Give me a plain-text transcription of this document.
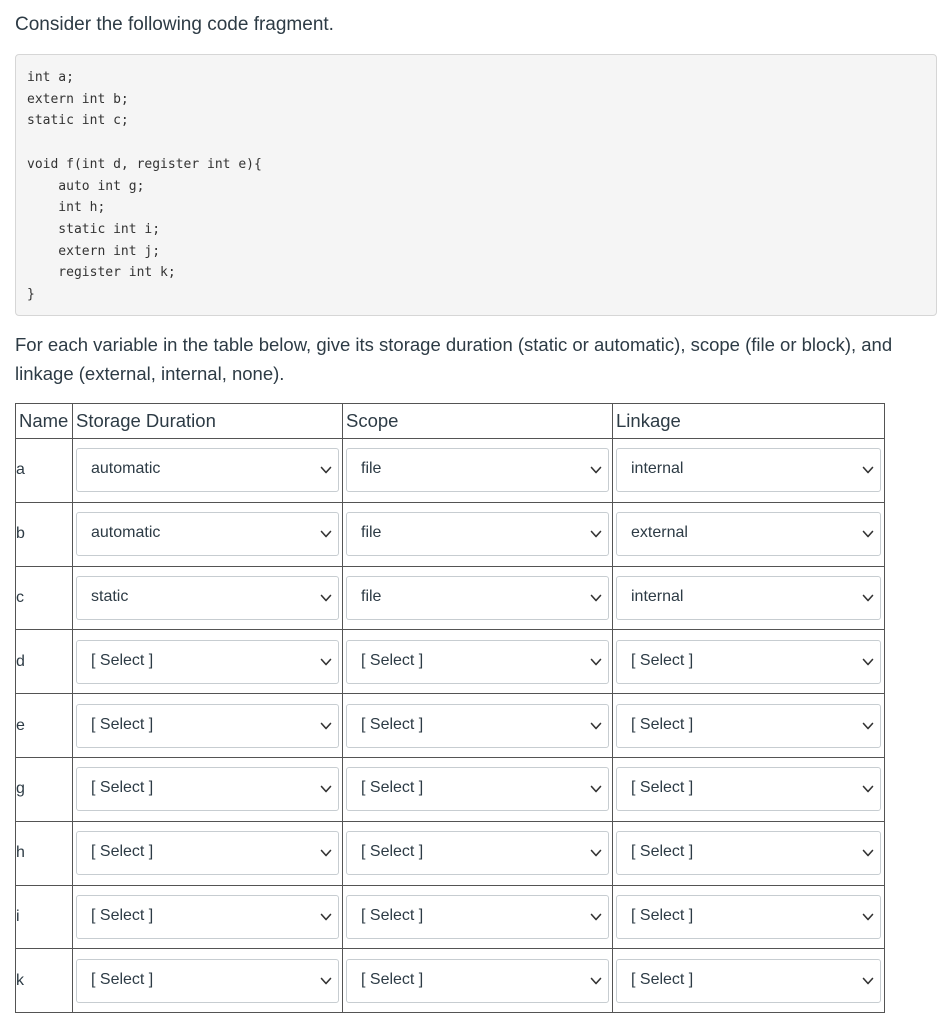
Consider the following code fragment.

int a;
extern int b;
static int c;

void f(int d, register int e){
auto int g;
int h;
static int i;
extern int j;
register int k;
}

For each variable in the table below, give its storage duration (static or automatic), scope (file or block), and linkage (external, internal, none).

Name	Storage Duration	Scope	Linkage
a	automatic	file	internal

b	automatic	file	external

c	static	file	internal

d	[ Select ]	[ Select ]	[ Select ]

e	[ Select ]	[ Select ]	[ Select ]

g	[ Select ]	[ Select ]	[ Select ]

h	[ Select ]	[ Select ]	[ Select ]

i	[ Select ]	[ Select ]	[ Select ]

k	[ Select ]	[ Select ]	[ Select ]
